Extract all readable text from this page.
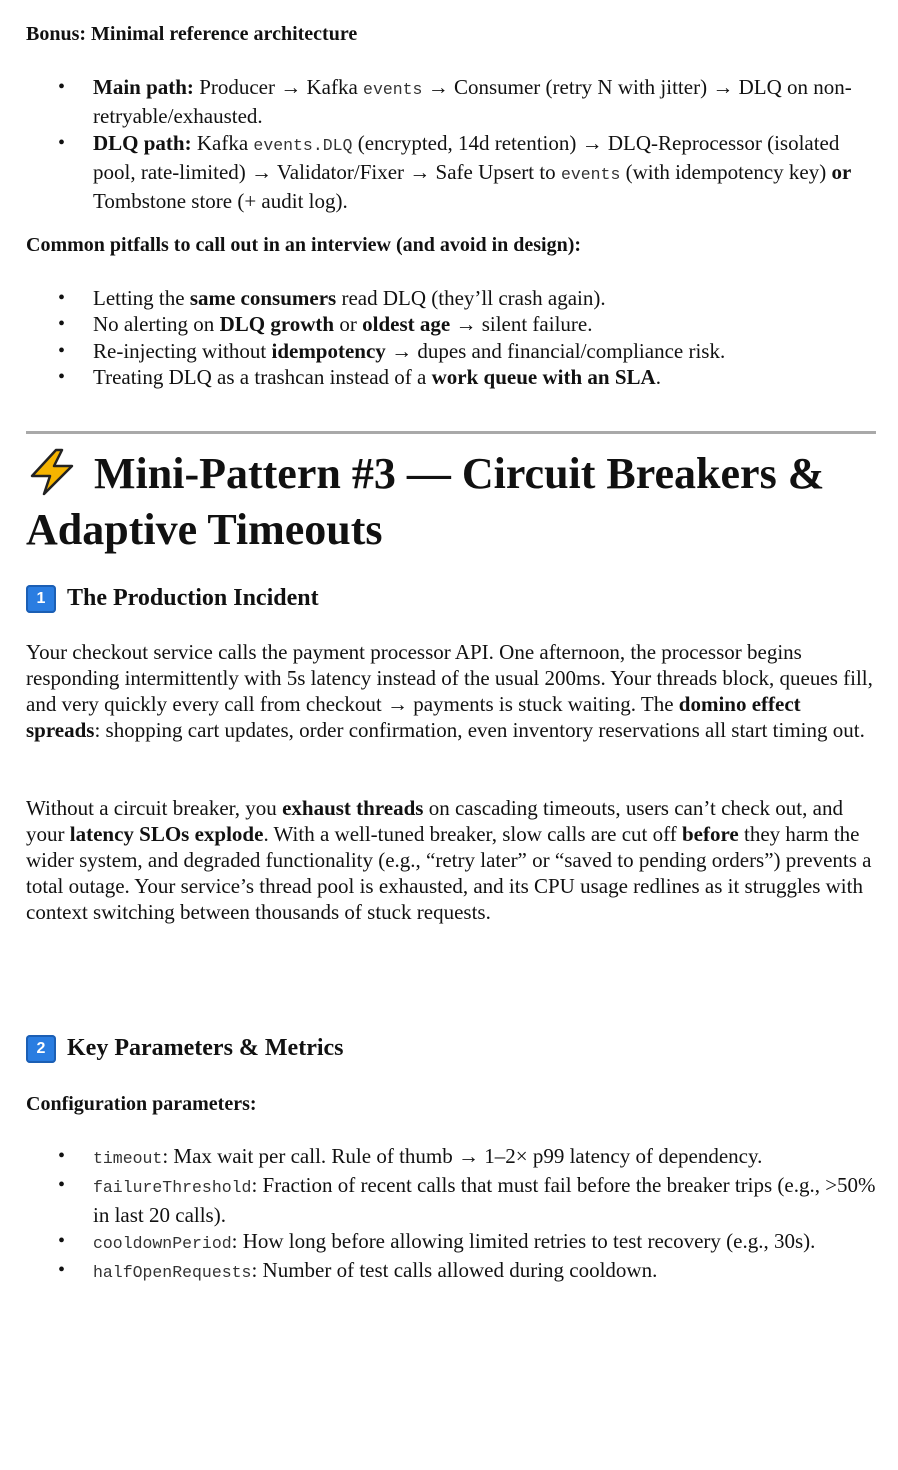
Bonus: Minimal reference architecture
• Main path: Producer → Kafka events → Consumer (retry N with jitter) → DLQ on non-retryable/exhausted.
• DLQ path: Kafka events.DLQ (encrypted, 14d retention) → DLQ-Reprocessor (isolated pool, rate-limited) → Validator/Fixer → Safe Upsert to events (with idempotency key) or Tombstone store (+ audit log).
Common pitfalls to call out in an interview (and avoid in design):
• Letting the same consumers read DLQ (they’ll crash again).
• No alerting on DLQ growth or oldest age → silent failure.
• Re-injecting without idempotency → dupes and financial/compliance risk.
• Treating DLQ as a trashcan instead of a work queue with an SLA.
Mini-Pattern #3 — Circuit Breakers & Adaptive Timeouts
1 The Production Incident

Your checkout service calls the payment processor API. One afternoon, the processor begins responding intermittently with 5s latency instead of the usual 200ms. Your threads block, queues fill, and very quickly every call from checkout → payments is stuck waiting. The domino effect spreads: shopping cart updates, order confirmation, even inventory reservations all start timing out.

Without a circuit breaker, you exhaust threads on cascading timeouts, users can’t check out, and your latency SLOs explode. With a well-tuned breaker, slow calls are cut off before they harm the wider system, and degraded functionality (e.g., “retry later” or “saved to pending orders”) prevents a total outage. Your service’s thread pool is exhausted, and its CPU usage redlines as it struggles with context switching between thousands of stuck requests.

2 Key Parameters & Metrics
Configuration parameters:
• timeout: Max wait per call. Rule of thumb → 1–2× p99 latency of dependency.
• failureThreshold: Fraction of recent calls that must fail before the breaker trips (e.g., >50% in last 20 calls).
• cooldownPeriod: How long before allowing limited retries to test recovery (e.g., 30s).
• halfOpenRequests: Number of test calls allowed during cooldown.
